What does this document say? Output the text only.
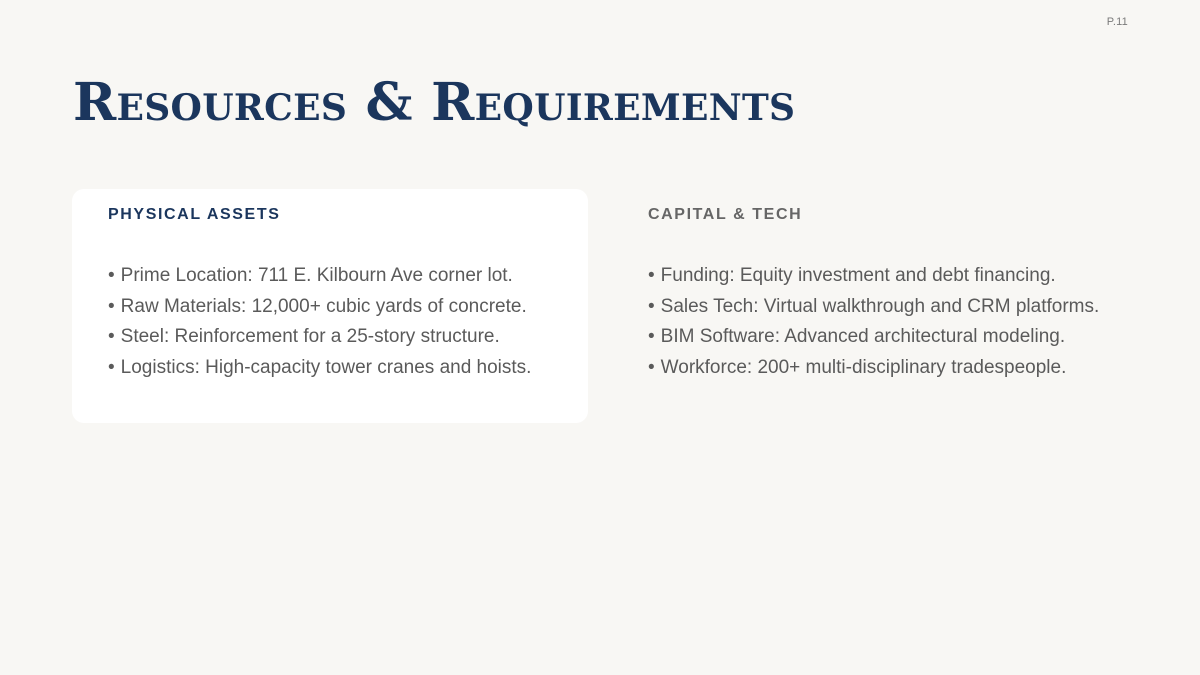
P.11
Resources & Requirements
PHYSICAL ASSETS
• Prime Location: 711 E. Kilbourn Ave corner lot.
• Raw Materials: 12,000+ cubic yards of concrete.
• Steel: Reinforcement for a 25-story structure.
• Logistics: High-capacity tower cranes and hoists.
CAPITAL & TECH
• Funding: Equity investment and debt financing.
• Sales Tech: Virtual walkthrough and CRM platforms.
• BIM Software: Advanced architectural modeling.
• Workforce: 200+ multi-disciplinary tradespeople.
